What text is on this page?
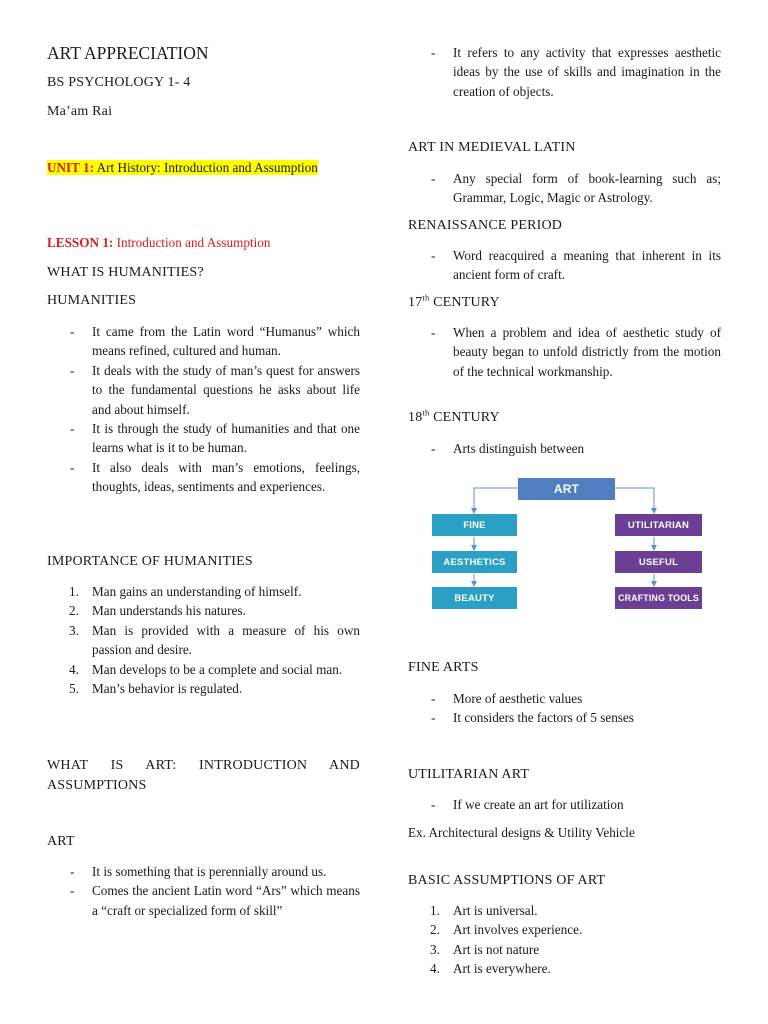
ART APPRECIATION
BS PSYCHOLOGY 1- 4
Ma’am Rai
UNIT 1: Art History: Introduction and Assumption
LESSON 1: Introduction and Assumption
WHAT IS HUMANITIES?
HUMANITIES
- It came from the Latin word “Humanus” which means refined, cultured and human.
- It deals with the study of man’s quest for answers to the fundamental questions he asks about life and about himself.
- It is through the study of humanities and that one learns what is it to be human.
- It also deals with man’s emotions, feelings, thoughts, ideas, sentiments and experiences.
IMPORTANCE OF HUMANITIES
1. Man gains an understanding of himself.
2. Man understands his natures.
3. Man is provided with a measure of his own passion and desire.
4. Man develops to be a complete and social man.
5. Man’s behavior is regulated.
WHAT IS ART: INTRODUCTION AND ASSUMPTIONS
ART
- It is something that is perennially around us.
- Comes the ancient Latin word “Ars” which means a “craft or specialized form of skill”
- It refers to any activity that expresses aesthetic ideas by the use of skills and imagination in the creation of objects.
ART IN MEDIEVAL LATIN
- Any special form of book-learning such as; Grammar, Logic, Magic or Astrology.
RENAISSANCE PERIOD
- Word reacquired a meaning that inherent in its ancient form of craft.
17th CENTURY
- When a problem and idea of aesthetic study of beauty began to unfold districtly from the motion of the technical workmanship.
18th CENTURY
- Arts distinguish between
ART
FINE
AESTHETICS
BEAUTY
UTILITARIAN
USEFUL
CRAFTING TOOLS
FINE ARTS
- More of aesthetic values
- It considers the factors of 5 senses
UTILITARIAN ART
- If we create an art for utilization
Ex. Architectural designs & Utility Vehicle
BASIC ASSUMPTIONS OF ART
1. Art is universal.
2. Art involves experience.
3. Art is not nature
4. Art is everywhere.
